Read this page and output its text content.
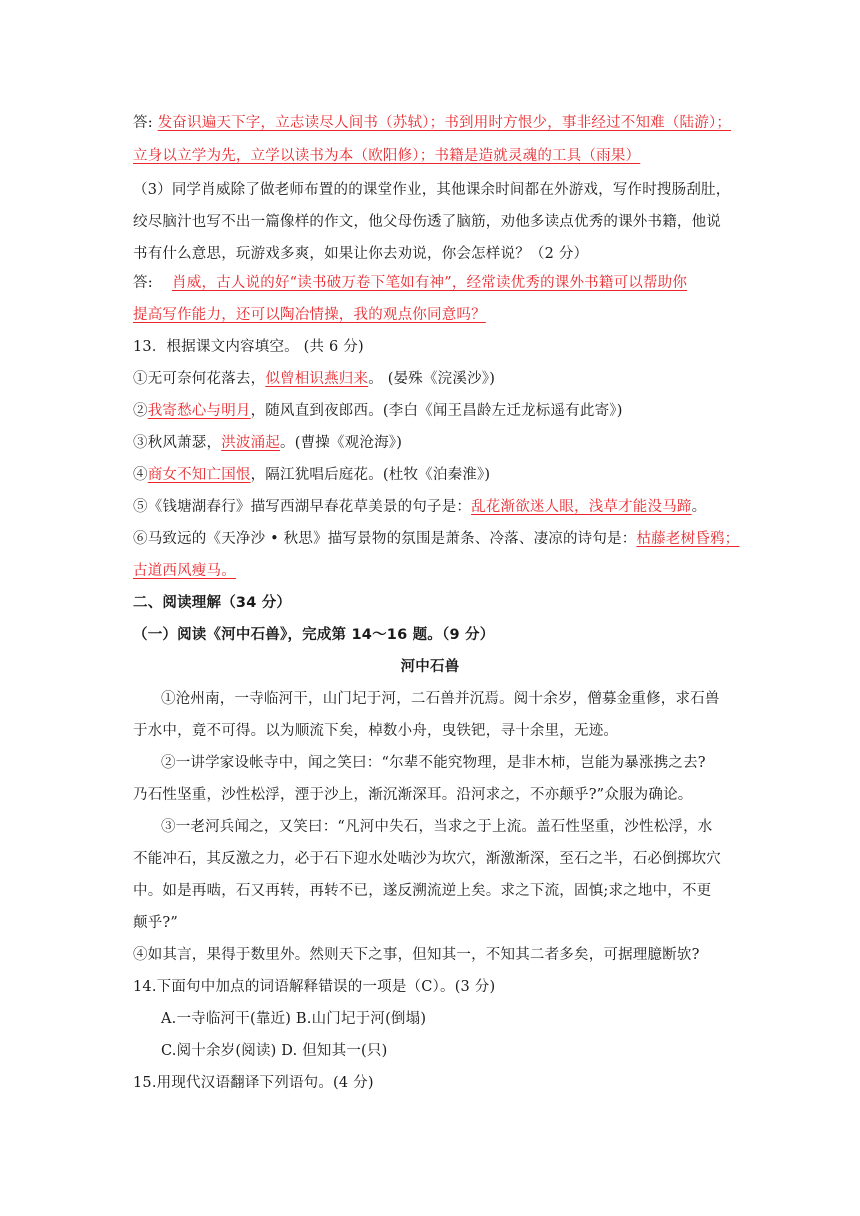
答: 发奋识遍天下字，立志读尽人间书（苏轼）；书到用时方恨少，事非经过不知难（陆游）；
立身以立学为先，立学以读书为本（欧阳修）；书籍是造就灵魂的工具（雨果）
（3）同学肖威除了做老师布置的的课堂作业，其他课余时间都在外游戏，写作时搜肠刮肚，
绞尽脑汁也写不出一篇像样的作文，他父母伤透了脑筋，劝他多读点优秀的课外书籍，他说
书有什么意思，玩游戏多爽，如果让你去劝说，你会怎样说？（2 分）
答: 肖威，古人说的好“读书破万卷下笔如有神”，经常读优秀的课外书籍可以帮助你
提高写作能力，还可以陶冶情操，我的观点你同意吗？
13．根据课文内容填空。 (共 6 分)
①无可奈何花落去，似曾相识燕归来。 (晏殊《浣溪沙》)
②我寄愁心与明月，随风直到夜郎西。(李白《闻王昌龄左迁龙标遥有此寄》)
③秋风萧瑟，洪波涌起。(曹操《观沧海》)
④商女不知亡国恨，隔江犹唱后庭花。(杜牧《泊秦淮》)
⑤《钱塘湖春行》描写西湖早春花草美景的句子是：乱花渐欲迷人眼，浅草才能没马蹄。
⑥马致远的《天净沙 • 秋思》描写景物的氛围是萧条、冷落、凄凉的诗句是：枯藤老树昏鸦；
古道西风瘦马。
二、阅读理解（34 分）
（一）阅读《河中石兽》，完成第 14～16 题。（9 分）
河中石兽
①沧州南，一寺临河干，山门圮于河，二石兽并沉焉。阅十余岁，僧募金重修，求石兽
于水中，竟不可得。以为顺流下矣，棹数小舟，曳铁钯，寻十余里，无迹。
②一讲学家设帐寺中，闻之笑曰：“尔辈不能究物理，是非木柿，岂能为暴涨携之去?
乃石性坚重，沙性松浮，湮于沙上，渐沉渐深耳。沿河求之，不亦颠乎?”众服为确论。
③一老河兵闻之，又笑曰：“凡河中失石，当求之于上流。盖石性坚重，沙性松浮，水
不能冲石，其反激之力，必于石下迎水处啮沙为坎穴，渐激渐深，至石之半，石必倒掷坎穴
中。如是再啮，石又再转，再转不已，遂反溯流逆上矣。求之下流，固慎;求之地中，不更
颠乎?”
④如其言，果得于数里外。然则天下之事，但知其一，不知其二者多矣，可据理臆断欤?
14.下面句中加点的词语解释错误的一项是（C）。(3 分)
A.一寺临河干(靠近) B.山门圮于河(倒塌)
C.阅十余岁(阅读) D. 但知其一(只)
15.用现代汉语翻译下列语句。(4 分)
